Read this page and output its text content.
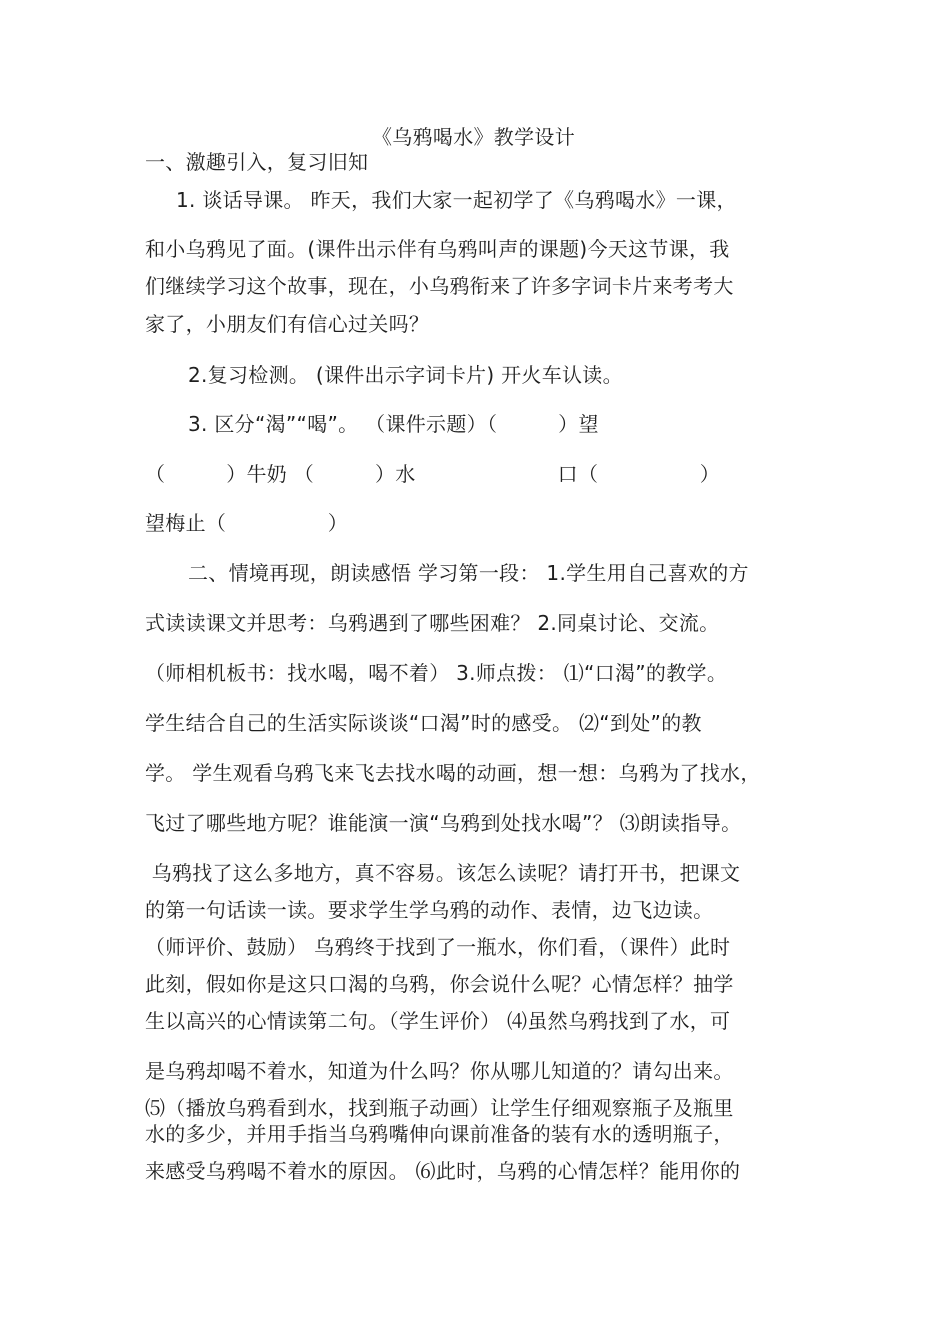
《乌鸦喝水》教学设计

一、激趣引入，复习旧知

1. 谈话导课。 昨天，我们大家一起初学了《乌鸦喝水》一课，

和小乌鸦见了面。(课件出示伴有乌鸦叫声的课题)今天这节课，我

们继续学习这个故事，现在，小乌鸦衔来了许多字词卡片来考考大

家了，小朋友们有信心过关吗？

2.复习检测。 (课件出示字词卡片) 开火车认读。

3. 区分“渴”“喝”。 （课件示题）（　　　）望

（　　　）牛奶 （　　　）水　　　　　　　口（　　　　　）

望梅止（　　　　　）

二、情境再现，朗读感悟 学习第一段： 1.学生用自己喜欢的方

式读读课文并思考：乌鸦遇到了哪些困难？ 2.同桌讨论、交流。

（师相机板书：找水喝，喝不着） 3.师点拨： ⑴“口渴”的教学。

学生结合自己的生活实际谈谈“口渴”时的感受。 ⑵“到处”的教

学。 学生观看乌鸦飞来飞去找水喝的动画，想一想：乌鸦为了找水，

飞过了哪些地方呢？谁能演一演“乌鸦到处找水喝”？ ⑶朗读指导。

乌鸦找了这么多地方，真不容易。该怎么读呢？请打开书，把课文

的第一句话读一读。要求学生学乌鸦的动作、表情，边飞边读。

（师评价、鼓励） 乌鸦终于找到了一瓶水，你们看，（课件）此时

此刻，假如你是这只口渴的乌鸦，你会说什么呢？心情怎样？抽学

生以高兴的心情读第二句。（学生评价） ⑷虽然乌鸦找到了水，可

是乌鸦却喝不着水，知道为什么吗？你从哪儿知道的？请勾出来。

⑸（播放乌鸦看到水，找到瓶子动画）让学生仔细观察瓶子及瓶里

水的多少，并用手指当乌鸦嘴伸向课前准备的装有水的透明瓶子，

来感受乌鸦喝不着水的原因。 ⑹此时，乌鸦的心情怎样？能用你的
